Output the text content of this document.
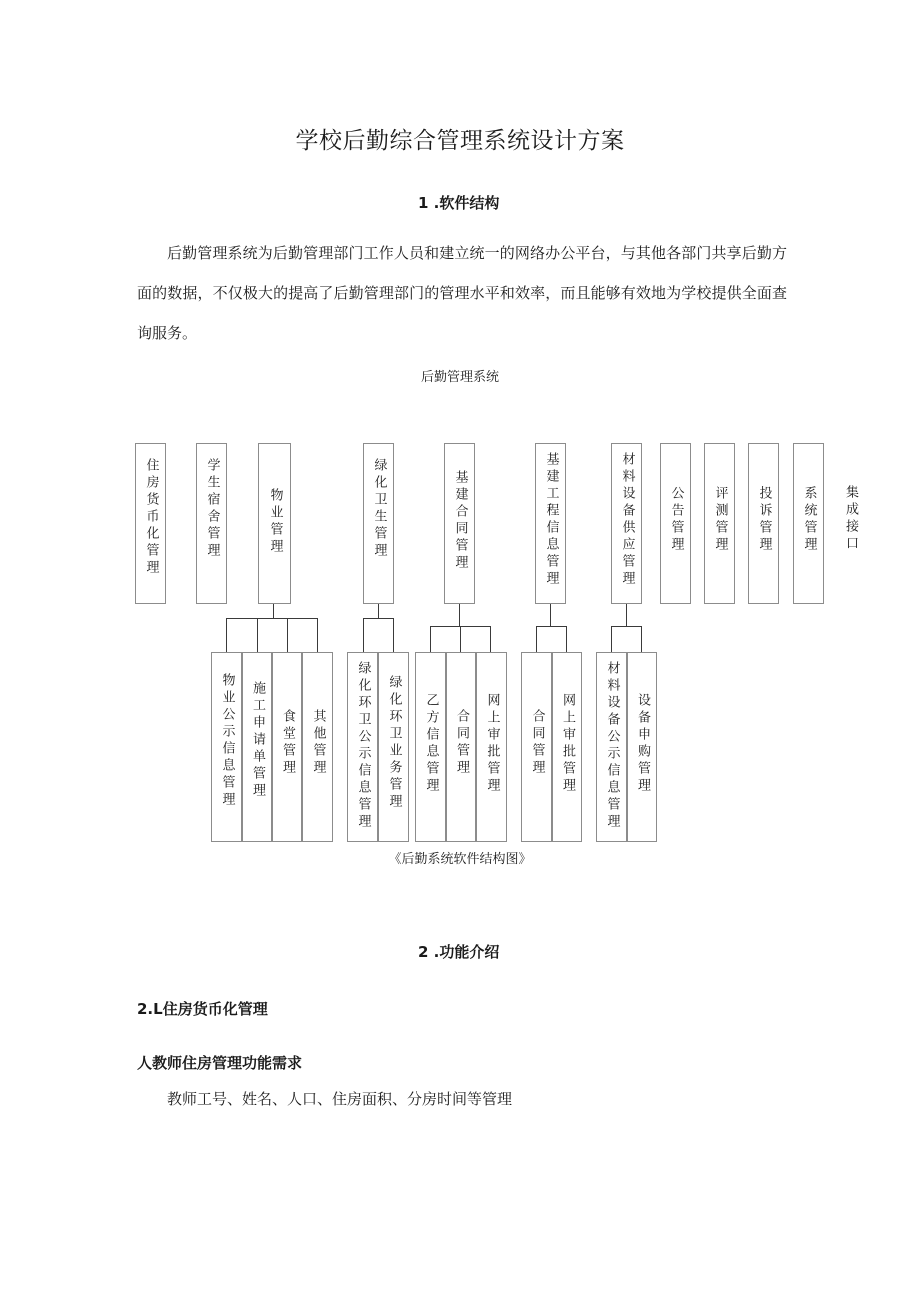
学校后勤综合管理系统设计方案
1 .软件结构
后勤管理系统为后勤管理部门工作人员和建立统一的网络办公平台，与其他各部门共享后勤方面的数据，不仅极大的提高了后勤管理部门的管理水平和效率，而且能够有效地为学校提供全面查询服务。
后勤管理系统
住房货币化管理	学生宿舍管理	物业管理	绿化卫生管理	基建合同管理	基建工程信息管理	材料设备供应管理	公告管理 评测管理 投诉管理 系统管理 集成接口
物业公示信息管理 施工申请单管理 食堂管理 其他管理 绿化环卫公示信息管理 绿化环卫业务管理 乙方信息管理 合同管理 网上审批管理 合同管理 网上审批管理 材料设备公示信息管理 设备申购管理
《后勤系统软件结构图》
2 .功能介绍
2.L住房货币化管理
人教师住房管理功能需求
教师工号、姓名、人口、住房面积、分房时间等管理
